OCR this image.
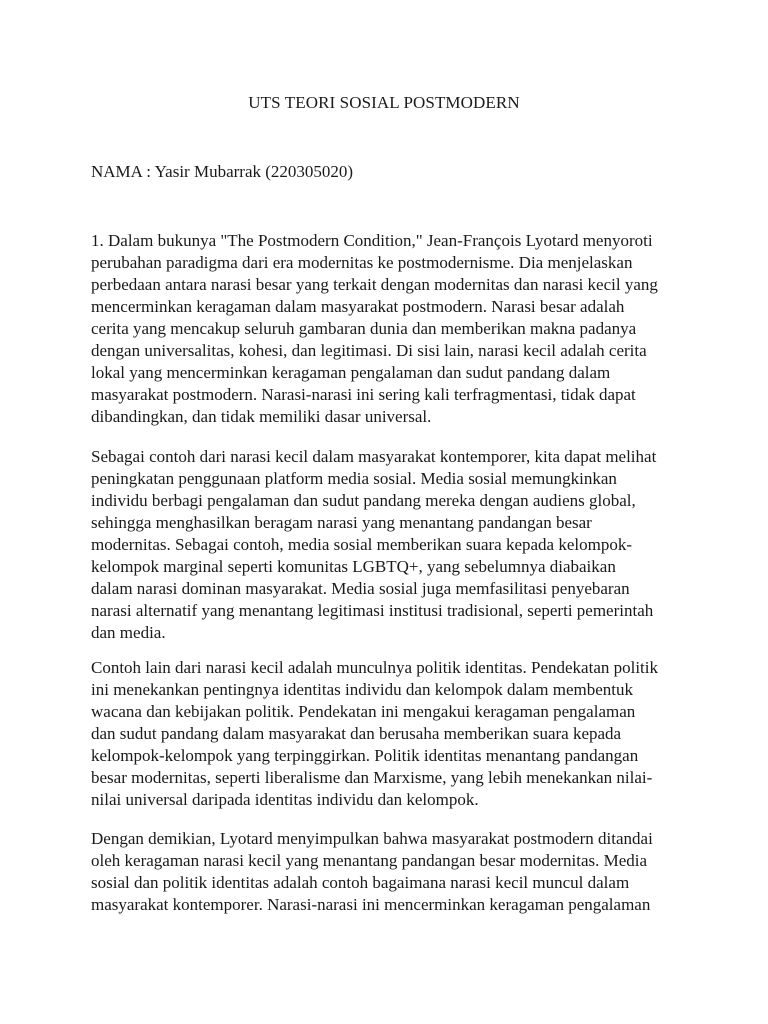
UTS TEORI SOSIAL POSTMODERN
NAMA : Yasir Mubarrak (220305020)
1. Dalam bukunya "The Postmodern Condition," Jean-François Lyotard menyoroti
perubahan paradigma dari era modernitas ke postmodernisme. Dia menjelaskan
perbedaan antara narasi besar yang terkait dengan modernitas dan narasi kecil yang
mencerminkan keragaman dalam masyarakat postmodern. Narasi besar adalah
cerita yang mencakup seluruh gambaran dunia dan memberikan makna padanya
dengan universalitas, kohesi, dan legitimasi. Di sisi lain, narasi kecil adalah cerita
lokal yang mencerminkan keragaman pengalaman dan sudut pandang dalam
masyarakat postmodern. Narasi-narasi ini sering kali terfragmentasi, tidak dapat
dibandingkan, dan tidak memiliki dasar universal.
Sebagai contoh dari narasi kecil dalam masyarakat kontemporer, kita dapat melihat
peningkatan penggunaan platform media sosial. Media sosial memungkinkan
individu berbagi pengalaman dan sudut pandang mereka dengan audiens global,
sehingga menghasilkan beragam narasi yang menantang pandangan besar
modernitas. Sebagai contoh, media sosial memberikan suara kepada kelompok-
kelompok marginal seperti komunitas LGBTQ+, yang sebelumnya diabaikan
dalam narasi dominan masyarakat. Media sosial juga memfasilitasi penyebaran
narasi alternatif yang menantang legitimasi institusi tradisional, seperti pemerintah
dan media.
Contoh lain dari narasi kecil adalah munculnya politik identitas. Pendekatan politik
ini menekankan pentingnya identitas individu dan kelompok dalam membentuk
wacana dan kebijakan politik. Pendekatan ini mengakui keragaman pengalaman
dan sudut pandang dalam masyarakat dan berusaha memberikan suara kepada
kelompok-kelompok yang terpinggirkan. Politik identitas menantang pandangan
besar modernitas, seperti liberalisme dan Marxisme, yang lebih menekankan nilai-
nilai universal daripada identitas individu dan kelompok.
Dengan demikian, Lyotard menyimpulkan bahwa masyarakat postmodern ditandai
oleh keragaman narasi kecil yang menantang pandangan besar modernitas. Media
sosial dan politik identitas adalah contoh bagaimana narasi kecil muncul dalam
masyarakat kontemporer. Narasi-narasi ini mencerminkan keragaman pengalaman
